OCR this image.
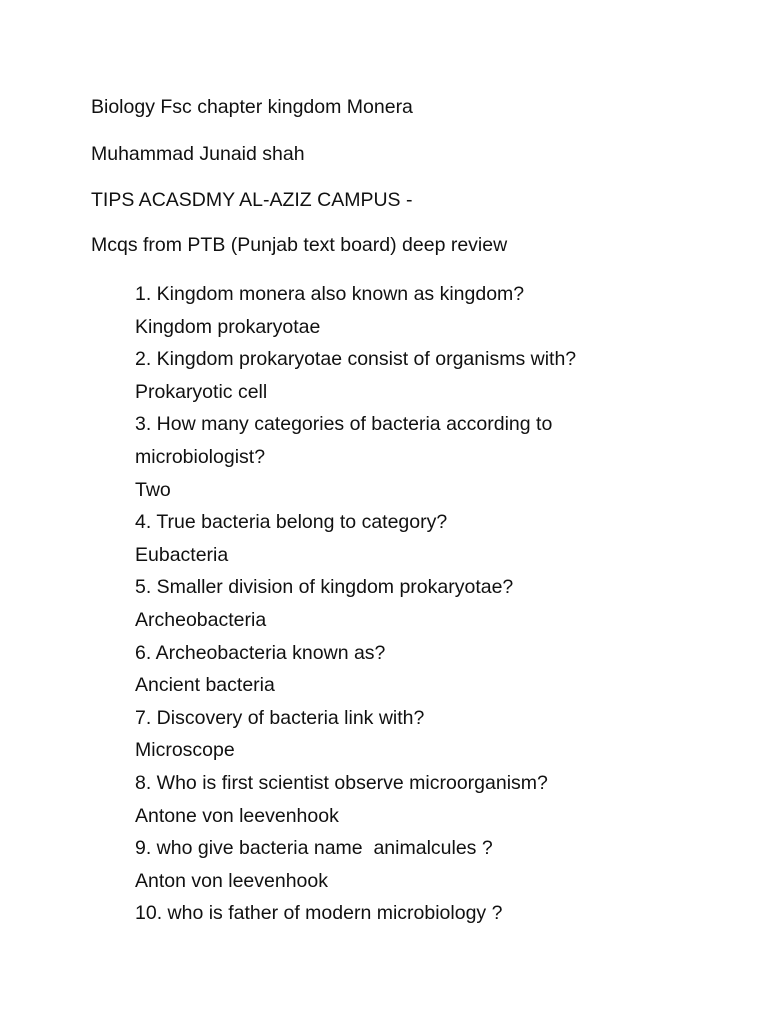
Biology Fsc chapter kingdom Monera
Muhammad Junaid shah
TIPS ACASDMY AL-AZIZ CAMPUS -
Mcqs from PTB (Punjab text board) deep review
1. Kingdom monera also known as kingdom?
Kingdom prokaryotae
2. Kingdom prokaryotae consist of organisms with?
Prokaryotic cell
3. How many categories of bacteria according to
microbiologist?
Two
4. True bacteria belong to category?
Eubacteria
5. Smaller division of kingdom prokaryotae?
Archeobacteria
6. Archeobacteria known as?
Ancient bacteria
7. Discovery of bacteria link with?
Microscope
8. Who is first scientist observe microorganism?
Antone von leevenhook
9. who give bacteria name  animalcules ?
Anton von leevenhook
10. who is father of modern microbiology ?
